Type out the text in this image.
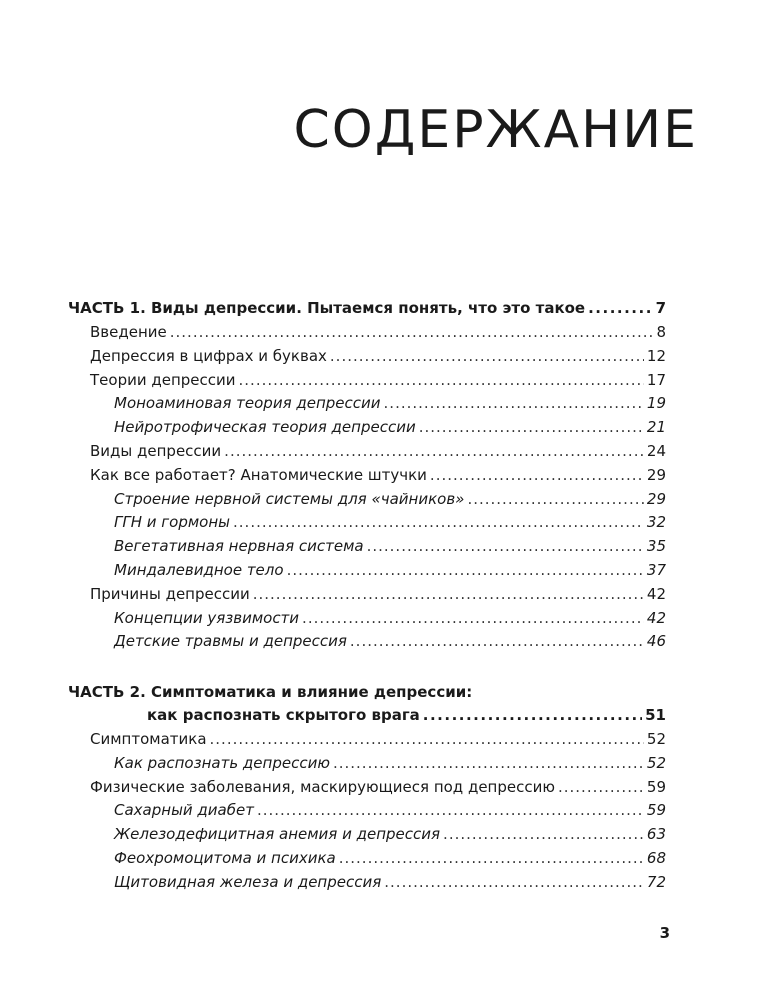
СОДЕРЖАНИЕ
ЧАСТЬ 1. Виды депрессии. Пытаемся понять, что это такое .....	7
Введение .....	8
Депрессия в цифрах и буквах .....	12
Теории депрессии .....	17
Моноаминовая теория депрессии .....	19
Нейротрофическая теория депрессии .....	21
Виды депрессии .....	24
Как все работает? Анатомические штучки .....	29
Строение нервной системы для «чайников» .....	29
ГГН и гормоны .....	32
Вегетативная нервная система .....	35
Миндалевидное тело .....	37
Причины депрессии .....	42
Концепции уязвимости .....	42
Детские травмы и депрессия .....	46
ЧАСТЬ 2. Симптоматика и влияние депрессии:
как распознать скрытого врага .....	51
Симптоматика .....	52
Как распознать депрессию .....	52
Физические заболевания, маскирующиеся под депрессию .....	59
Сахарный диабет .....	59
Железодефицитная анемия и депрессия .....	63
Феохромоцитома и психика .....	68
Щитовидная железа и депрессия .....	72
3
